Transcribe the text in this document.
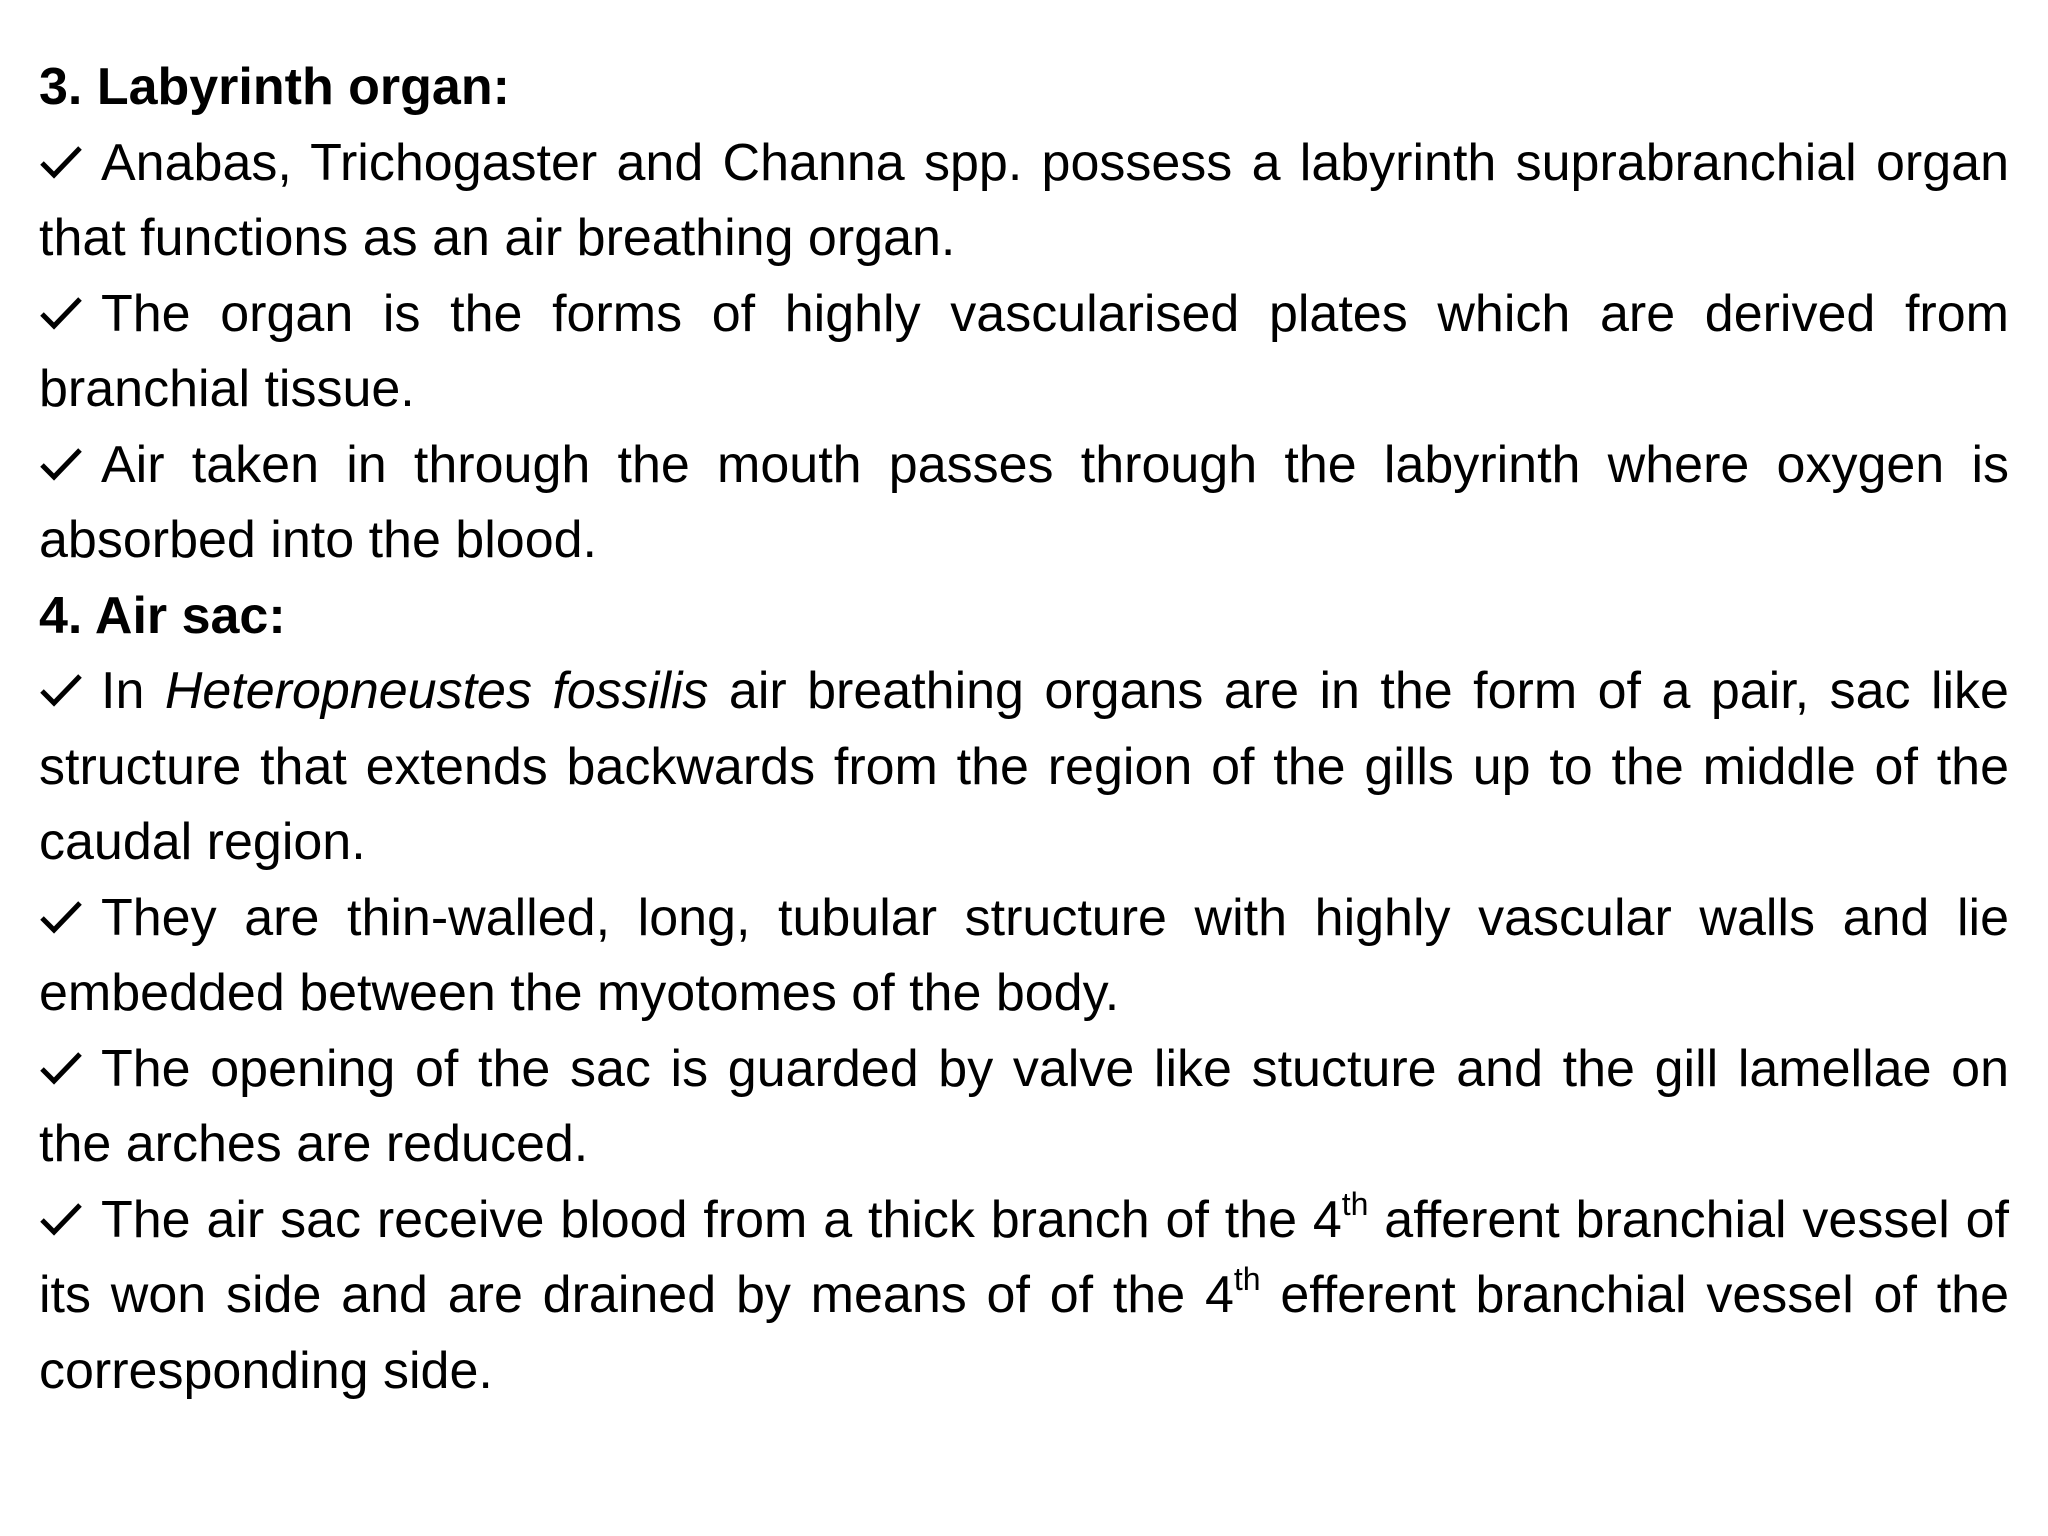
3. Labyrinth organ:

Anabas, Trichogaster and Channa spp. possess a labyrinth suprabranchial organ that functions as an air breathing organ.

The organ is the forms of highly vascularised plates which are derived from branchial tissue.

Air taken in through the mouth passes through the labyrinth where oxygen is absorbed into the blood.

4. Air sac:

In Heteropneustes fossilis air breathing organs are in the form of a pair, sac like structure that extends backwards from the region of the gills up to the middle of the caudal region.

They are thin-walled, long, tubular structure with highly vascular walls and lie embedded between the myotomes of the body.

The opening of the sac is guarded by valve like stucture and the gill lamellae on the arches are reduced.

The air sac receive blood from a thick branch of the 4th afferent branchial vessel of its won side and are drained by means of of the 4th efferent branchial vessel of the corresponding side.
